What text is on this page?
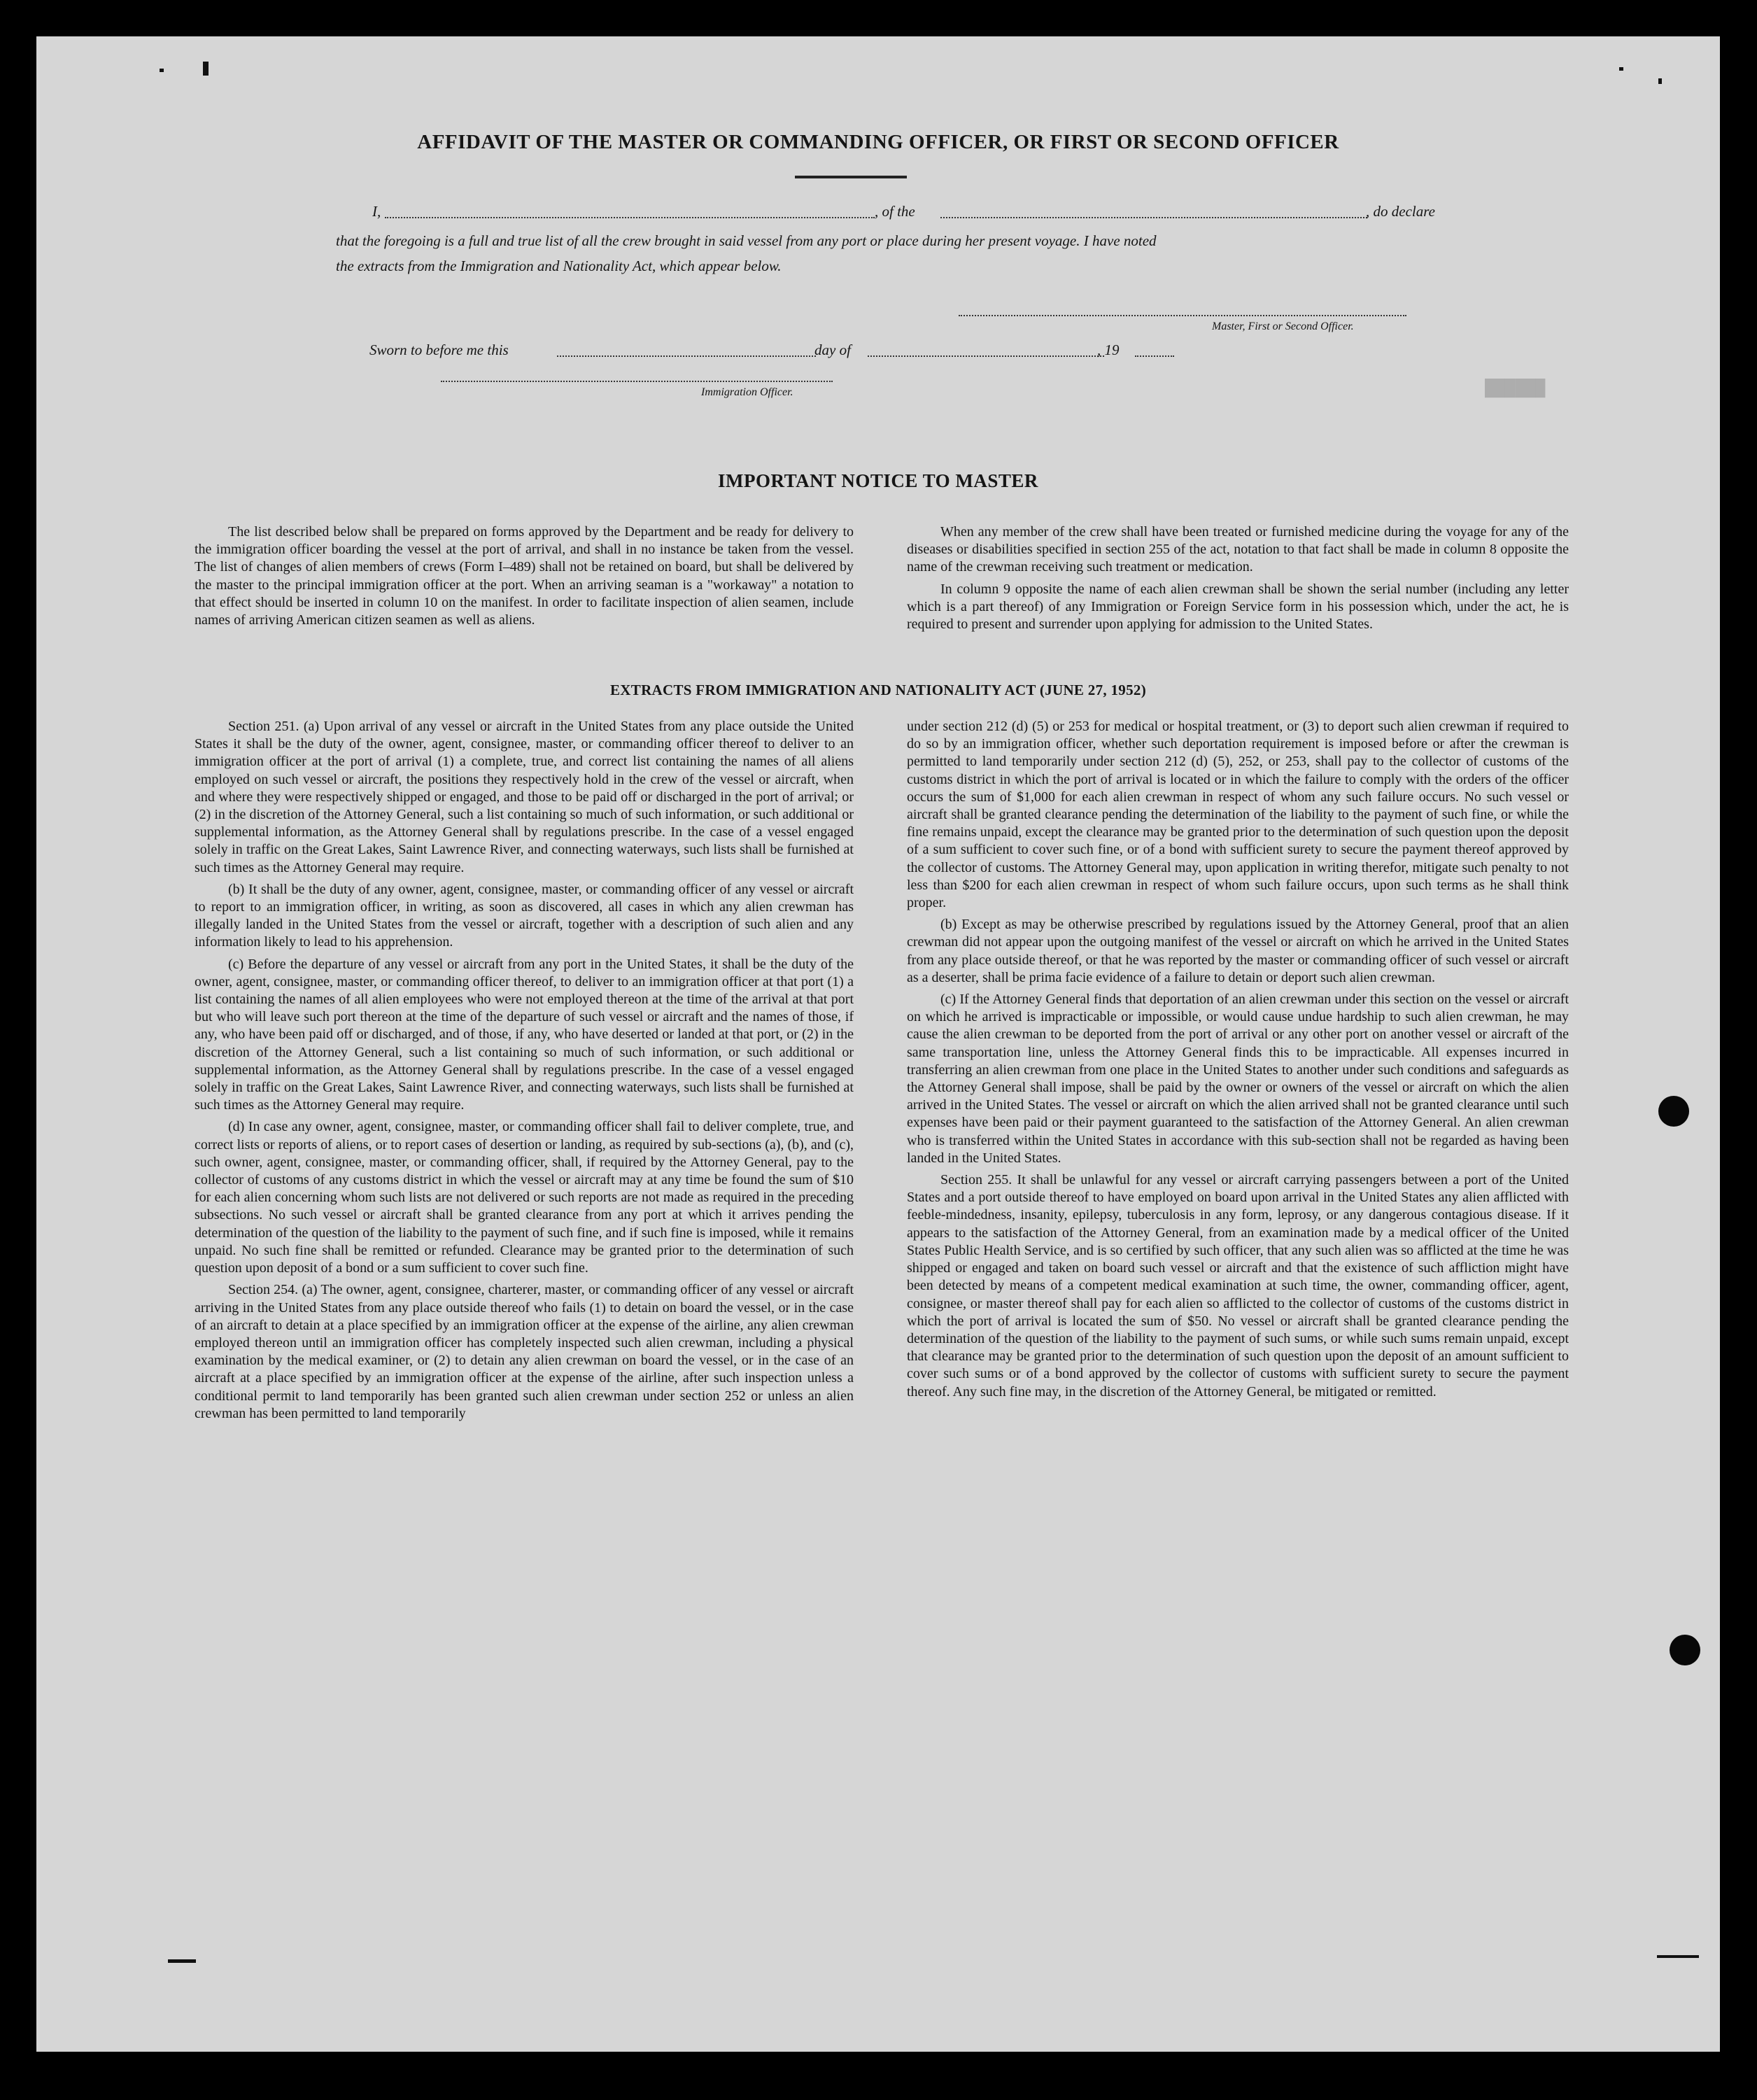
██████
AFFIDAVIT OF THE MASTER OR COMMANDING OFFICER, OR FIRST OR SECOND OFFICER
I,	, of the	, do declare
that the foregoing is a full and true list of all the crew brought in said vessel from any port or place during her present voyage. I have noted
the extracts from the Immigration and Nationality Act, which appear below.
Master, First or Second Officer.
Sworn to before me this	day of	, 19
Immigration Officer.
IMPORTANT NOTICE TO MASTER

The list described below shall be prepared on forms approved by the Department and be ready for delivery to the immigration officer boarding the vessel at the port of arrival, and shall in no instance be taken from the vessel. The list of changes of alien members of crews (Form I–489) shall not be retained on board, but shall be delivered by the master to the principal immigration officer at the port. When an arriving seaman is a "workaway" a notation to that effect should be inserted in column 10 on the manifest. In order to facilitate inspection of alien seamen, include names of arriving American citizen seamen as well as aliens.

When any member of the crew shall have been treated or furnished medicine during the voyage for any of the diseases or disabilities specified in section 255 of the act, notation to that fact shall be made in column 8 opposite the name of the crewman receiving such treatment or medication.

In column 9 opposite the name of each alien crewman shall be shown the serial number (including any letter which is a part thereof) of any Immigration or Foreign Service form in his possession which, under the act, he is required to present and surrender upon applying for admission to the United States.

EXTRACTS FROM IMMIGRATION AND NATIONALITY ACT (JUNE 27, 1952)

Section 251. (a) Upon arrival of any vessel or aircraft in the United States from any place outside the United States it shall be the duty of the owner, agent, consignee, master, or commanding officer thereof to deliver to an immigration officer at the port of arrival (1) a complete, true, and correct list containing the names of all aliens employed on such vessel or aircraft, the positions they respectively hold in the crew of the vessel or aircraft, when and where they were respectively shipped or engaged, and those to be paid off or discharged in the port of arrival; or (2) in the discretion of the Attorney General, such a list containing so much of such information, or such additional or supplemental information, as the Attorney General shall by regulations prescribe. In the case of a vessel engaged solely in traffic on the Great Lakes, Saint Lawrence River, and connecting waterways, such lists shall be furnished at such times as the Attorney General may require.

(b) It shall be the duty of any owner, agent, consignee, master, or commanding officer of any vessel or aircraft to report to an immigration officer, in writing, as soon as discovered, all cases in which any alien crewman has illegally landed in the United States from the vessel or aircraft, together with a description of such alien and any information likely to lead to his apprehension.

(c) Before the departure of any vessel or aircraft from any port in the United States, it shall be the duty of the owner, agent, consignee, master, or commanding officer thereof, to deliver to an immigration officer at that port (1) a list containing the names of all alien employees who were not employed thereon at the time of the arrival at that port but who will leave such port thereon at the time of the departure of such vessel or aircraft and the names of those, if any, who have been paid off or discharged, and of those, if any, who have deserted or landed at that port, or (2) in the discretion of the Attorney General, such a list containing so much of such information, or such additional or supplemental information, as the Attorney General shall by regulations prescribe. In the case of a vessel engaged solely in traffic on the Great Lakes, Saint Lawrence River, and connecting waterways, such lists shall be furnished at such times as the Attorney General may require.

(d) In case any owner, agent, consignee, master, or commanding officer shall fail to deliver complete, true, and correct lists or reports of aliens, or to report cases of desertion or landing, as required by sub-sections (a), (b), and (c), such owner, agent, consignee, master, or commanding officer, shall, if required by the Attorney General, pay to the collector of customs of any customs district in which the vessel or aircraft may at any time be found the sum of $10 for each alien concerning whom such lists are not delivered or such reports are not made as required in the preceding subsections. No such vessel or aircraft shall be granted clearance from any port at which it arrives pending the determination of the question of the liability to the payment of such fine, and if such fine is imposed, while it remains unpaid. No such fine shall be remitted or refunded. Clearance may be granted prior to the determination of such question upon deposit of a bond or a sum sufficient to cover such fine.

Section 254. (a) The owner, agent, consignee, charterer, master, or commanding officer of any vessel or aircraft arriving in the United States from any place outside thereof who fails (1) to detain on board the vessel, or in the case of an aircraft to detain at a place specified by an immigration officer at the expense of the airline, any alien crewman employed thereon until an immigration officer has completely inspected such alien crewman, including a physical examination by the medical examiner, or (2) to detain any alien crewman on board the vessel, or in the case of an aircraft at a place specified by an immigration officer at the expense of the airline, after such inspection unless a conditional permit to land temporarily has been granted such alien crewman under section 252 or unless an alien crewman has been permitted to land temporarily

under section 212 (d) (5) or 253 for medical or hospital treatment, or (3) to deport such alien crewman if required to do so by an immigration officer, whether such deportation requirement is imposed before or after the crewman is permitted to land temporarily under section 212 (d) (5), 252, or 253, shall pay to the collector of customs of the customs district in which the port of arrival is located or in which the failure to comply with the orders of the officer occurs the sum of $1,000 for each alien crewman in respect of whom any such failure occurs. No such vessel or aircraft shall be granted clearance pending the determination of the liability to the payment of such fine, or while the fine remains unpaid, except the clearance may be granted prior to the determination of such question upon the deposit of a sum sufficient to cover such fine, or of a bond with sufficient surety to secure the payment thereof approved by the collector of customs. The Attorney General may, upon application in writing therefor, mitigate such penalty to not less than $200 for each alien crewman in respect of whom such failure occurs, upon such terms as he shall think proper.

(b) Except as may be otherwise prescribed by regulations issued by the Attorney General, proof that an alien crewman did not appear upon the outgoing manifest of the vessel or aircraft on which he arrived in the United States from any place outside thereof, or that he was reported by the master or commanding officer of such vessel or aircraft as a deserter, shall be prima facie evidence of a failure to detain or deport such alien crewman.

(c) If the Attorney General finds that deportation of an alien crewman under this section on the vessel or aircraft on which he arrived is impracticable or impossible, or would cause undue hardship to such alien crewman, he may cause the alien crewman to be deported from the port of arrival or any other port on another vessel or aircraft of the same transportation line, unless the Attorney General finds this to be impracticable. All expenses incurred in transferring an alien crewman from one place in the United States to another under such conditions and safeguards as the Attorney General shall impose, shall be paid by the owner or owners of the vessel or aircraft on which the alien arrived in the United States. The vessel or aircraft on which the alien arrived shall not be granted clearance until such expenses have been paid or their payment guaranteed to the satisfaction of the Attorney General. An alien crewman who is transferred within the United States in accordance with this sub-section shall not be regarded as having been landed in the United States.

Section 255. It shall be unlawful for any vessel or aircraft carrying passengers between a port of the United States and a port outside thereof to have employed on board upon arrival in the United States any alien afflicted with feeble-mindedness, insanity, epilepsy, tuberculosis in any form, leprosy, or any dangerous contagious disease. If it appears to the satisfaction of the Attorney General, from an examination made by a medical officer of the United States Public Health Service, and is so certified by such officer, that any such alien was so afflicted at the time he was shipped or engaged and taken on board such vessel or aircraft and that the existence of such affliction might have been detected by means of a competent medical examination at such time, the owner, commanding officer, agent, consignee, or master thereof shall pay for each alien so afflicted to the collector of customs of the customs district in which the port of arrival is located the sum of $50. No vessel or aircraft shall be granted clearance pending the determination of the question of the liability to the payment of such sums, or while such sums remain unpaid, except that clearance may be granted prior to the determination of such question upon the deposit of an amount sufficient to cover such sums or of a bond approved by the collector of customs with sufficient surety to secure the payment thereof. Any such fine may, in the discretion of the Attorney General, be mitigated or remitted.
